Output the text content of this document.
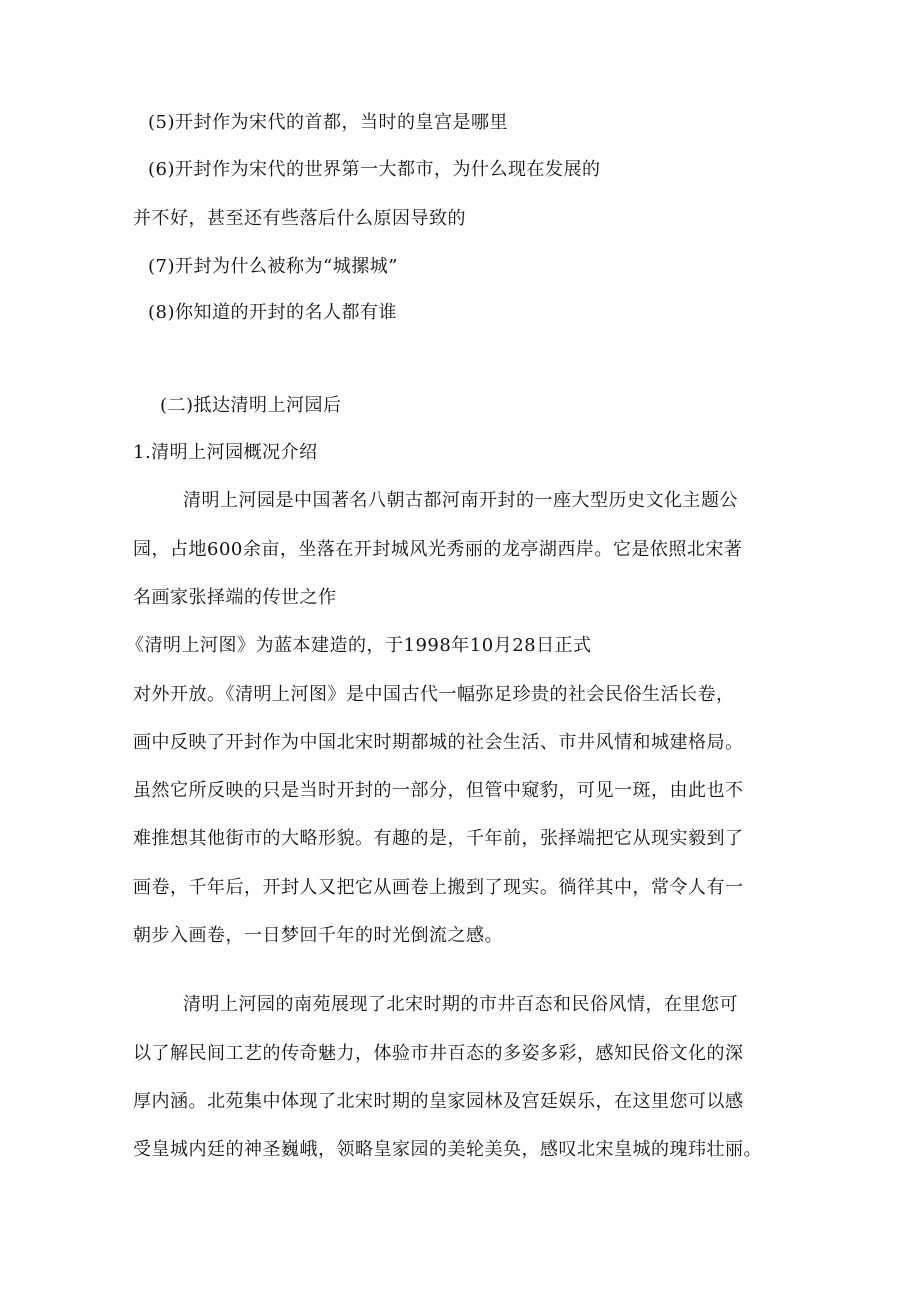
(5)开封作为宋代的首都，当时的皇宫是哪里
(6)开封作为宋代的世界第一大都市，为什么现在发展的
并不好，甚至还有些落后什么原因导致的
(7)开封为什么被称为“城摞城”
(8)你知道的开封的名人都有谁
(二)抵达清明上河园后
1.清明上河园概况介绍
清明上河园是中国著名八朝古都河南开封的一座大型历史文化主题公
园，占地600余亩，坐落在开封城风光秀丽的龙亭湖西岸。它是依照北宋著
名画家张择端的传世之作
《清明上河图》为蓝本建造的，于1998年10月28日正式
对外开放。《清明上河图》是中国古代一幅弥足珍贵的社会民俗生活长卷，
画中反映了开封作为中国北宋时期都城的社会生活、市井风情和城建格局。
虽然它所反映的只是当时开封的一部分，但管中窥豹，可见一斑，由此也不
难推想其他街市的大略形貌。有趣的是，千年前，张择端把它从现实毅到了
画卷，千年后，开封人又把它从画卷上搬到了现实。徜徉其中，常令人有一
朝步入画卷，一日梦回千年的时光倒流之感。
清明上河园的南苑展现了北宋时期的市井百态和民俗风情，在里您可
以了解民间工艺的传奇魅力，体验市井百态的多姿多彩，感知民俗文化的深
厚内涵。北苑集中体现了北宋时期的皇家园林及宫廷娱乐，在这里您可以感
受皇城内廷的神圣巍峨，领略皇家园的美轮美奂，感叹北宋皇城的瑰玮壮丽。
